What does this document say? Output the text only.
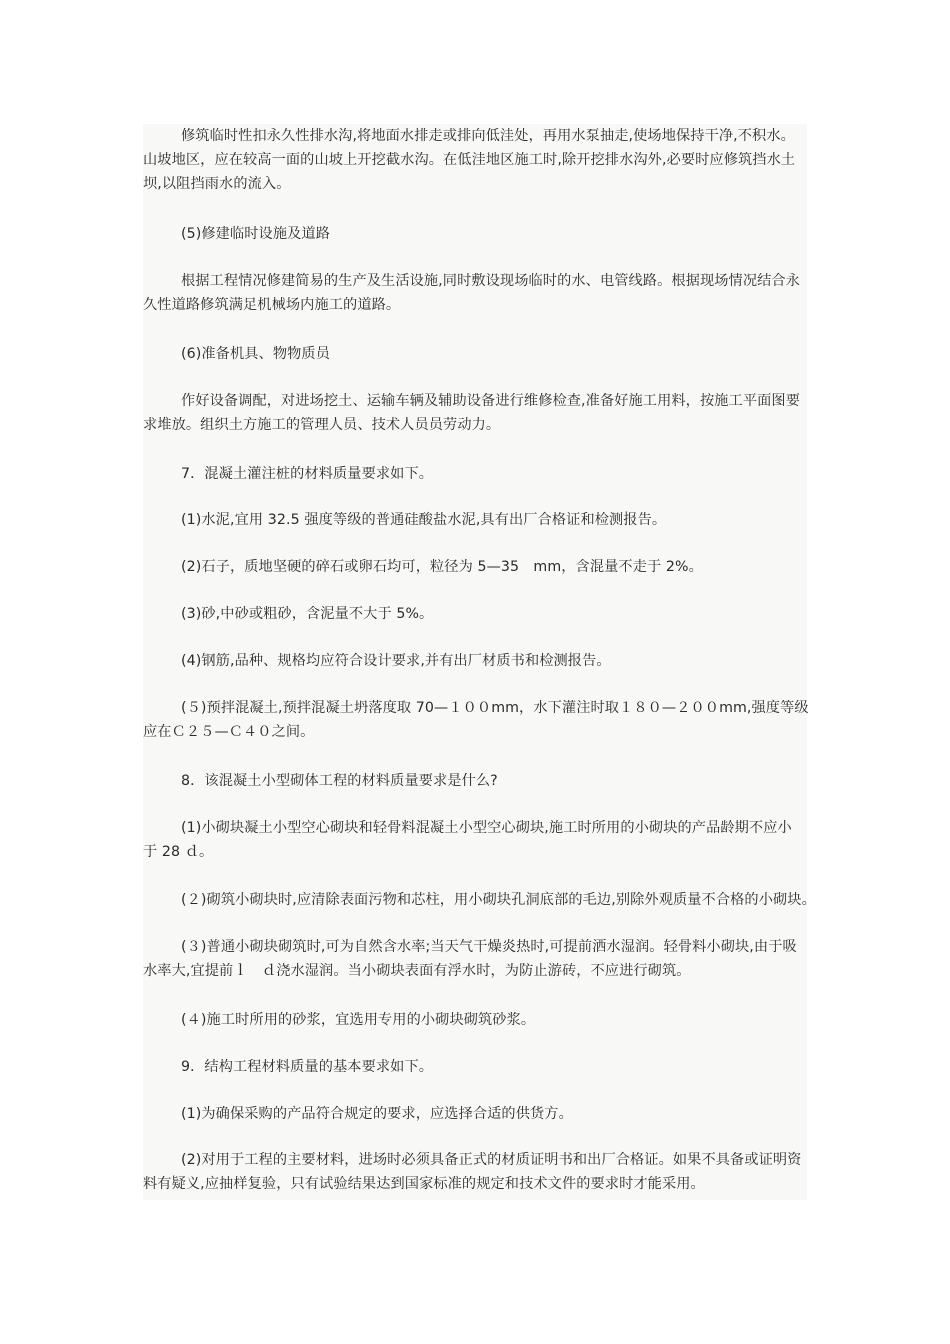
修筑临时性扣永久性排水沟,将地面水排走或排向低洼处，再用水泵抽走,使场地保持干净,不积水。
山坡地区，应在较高一面的山坡上开挖截水沟。在低洼地区施工时,除开挖排水沟外,必要时应修筑挡水土
坝,以阻挡雨水的流入。
(5)修建临时设施及道路
根据工程情况修建简易的生产及生活设施,同时敷设现场临时的水、电管线路。根据现场情况结合永
久性道路修筑满足机械场内施工的道路。
(6)准备机具、物物质员
作好设备调配，对进场挖土、运输车辆及辅助设备进行维修检查,准备好施工用料，按施工平面图要
求堆放。组织土方施工的管理人员、技术人员员劳动力。
7．混凝土灌注桩的材料质量要求如下。
(1)水泥,宜用 32.5 强度等级的普通硅酸盐水泥,具有出厂合格证和检测报告。
(2)石子，质地坚硬的碎石或卵石均可，粒径为 5—35　mm，含混量不走于 2%。
(3)砂,中砂或粗砂，含泥量不大于 5%。
(4)钢筋,品种、规格均应符合设计要求,并有出厂材质书和检测报告。
(５)预拌混凝土,预拌混凝土坍落度取 70—１００mm，水下灌注时取１８０—２００mm,强度等级
应在Ｃ２５—Ｃ４０之间。
8．该混凝土小型砌体工程的材料质量要求是什么?
(1)小砌块凝土小型空心砌块和轻骨料混凝土小型空心砌块,施工时所用的小砌块的产品龄期不应小
于 28 ｄ。
(２)砌筑小砌块时,应清除表面污物和芯柱，用小砌块孔洞底部的毛边,别除外观质量不合格的小砌块。
(３)普通小砌块砌筑时,可为自然含水率;当天气干燥炎热时,可提前洒水湿润。轻骨料小砌块,由于吸
水率大,宜提前ｌ　ｄ浇水湿润。当小砌块表面有浮水时，为防止游砖，不应进行砌筑。
(４)施工时所用的砂浆，宜选用专用的小砌块砌筑砂浆。
9．结构工程材料质量的基本要求如下。
(1)为确保采购的产品符合规定的要求，应选择合适的供货方。
(2)对用于工程的主要材料，进场时必须具备正式的材质证明书和出厂合格证。如果不具备或证明资
料有疑义,应抽样复验，只有试验结果达到国家标准的规定和技术文件的要求时才能采用。
